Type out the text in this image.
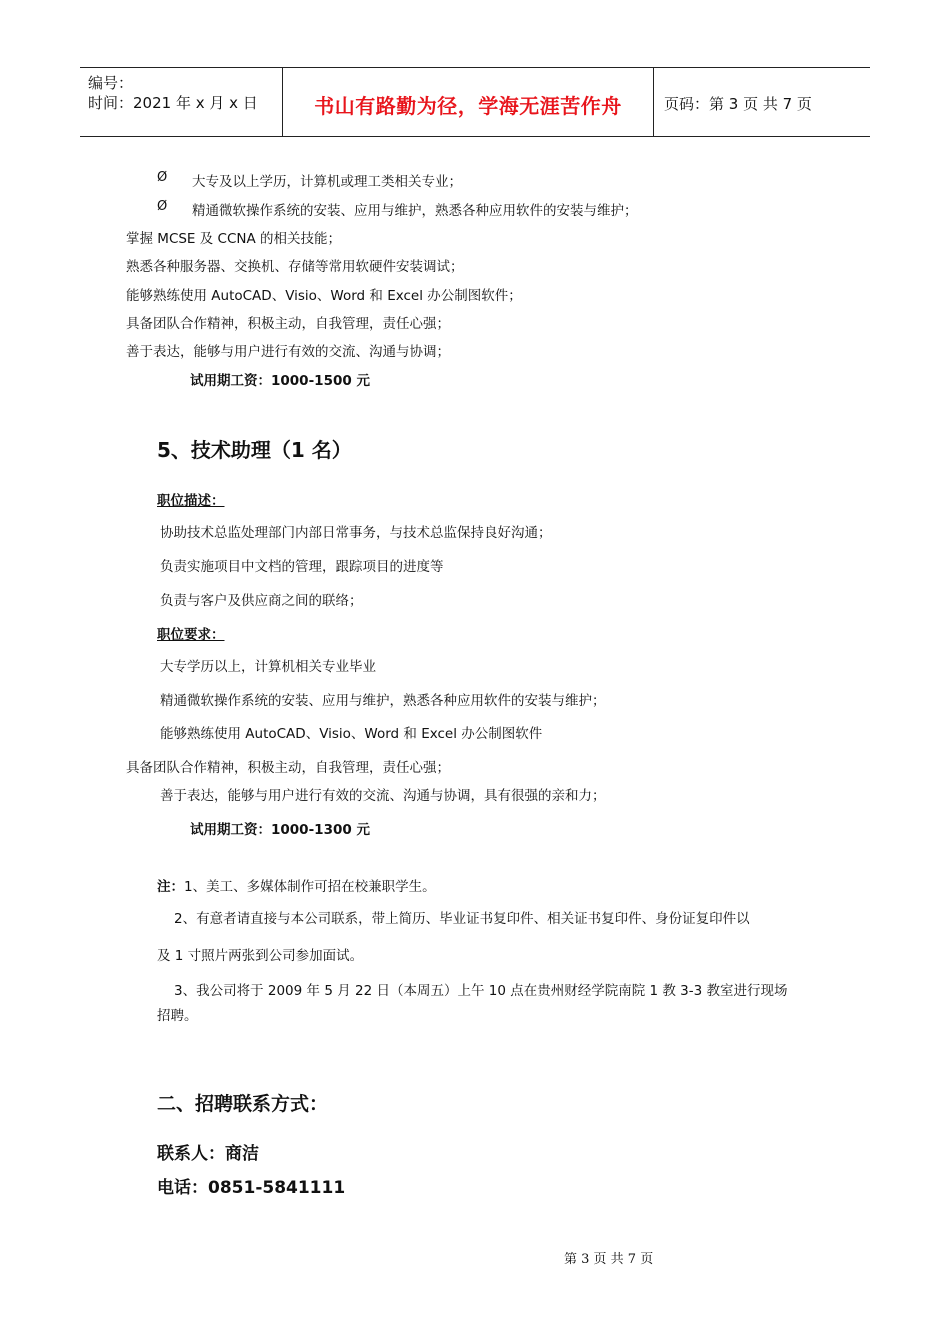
编号：
时间：2021 年 x 月 x 日	书山有路勤为径，学海无涯苦作舟	页码：第 3 页 共 7 页
Ø 大专及以上学历，计算机或理工类相关专业；
Ø 精通微软操作系统的安装、应用与维护，熟悉各种应用软件的安装与维护；
掌握 MCSE 及 CCNA 的相关技能；
熟悉各种服务器、交换机、存储等常用软硬件安装调试；
能够熟练使用 AutoCAD、Visio、Word 和 Excel 办公制图软件；
具备团队合作精神，积极主动，自我管理，责任心强；
善于表达，能够与用户进行有效的交流、沟通与协调；
试用期工资：1000-1500 元
5、技术助理（1 名）
职位描述：
协助技术总监处理部门内部日常事务，与技术总监保持良好沟通；
负责实施项目中文档的管理，跟踪项目的进度等
负责与客户及供应商之间的联络；
职位要求：
大专学历以上，计算机相关专业毕业
精通微软操作系统的安装、应用与维护，熟悉各种应用软件的安装与维护；
能够熟练使用 AutoCAD、Visio、Word 和 Excel 办公制图软件
具备团队合作精神，积极主动，自我管理，责任心强；
善于表达，能够与用户进行有效的交流、沟通与协调，具有很强的亲和力；
试用期工资：1000-1300 元
注：1、美工、多媒体制作可招在校兼职学生。
2、有意者请直接与本公司联系，带上简历、毕业证书复印件、相关证书复印件、身份证复印件以
及 1 寸照片两张到公司参加面试。
3、我公司将于 2009 年 5 月 22 日（本周五）上午 10 点在贵州财经学院南院 1 教 3-3 教室进行现场
招聘。
二、招聘联系方式：
联系人：商洁
电话：0851-5841111
第 3 页 共 7 页
